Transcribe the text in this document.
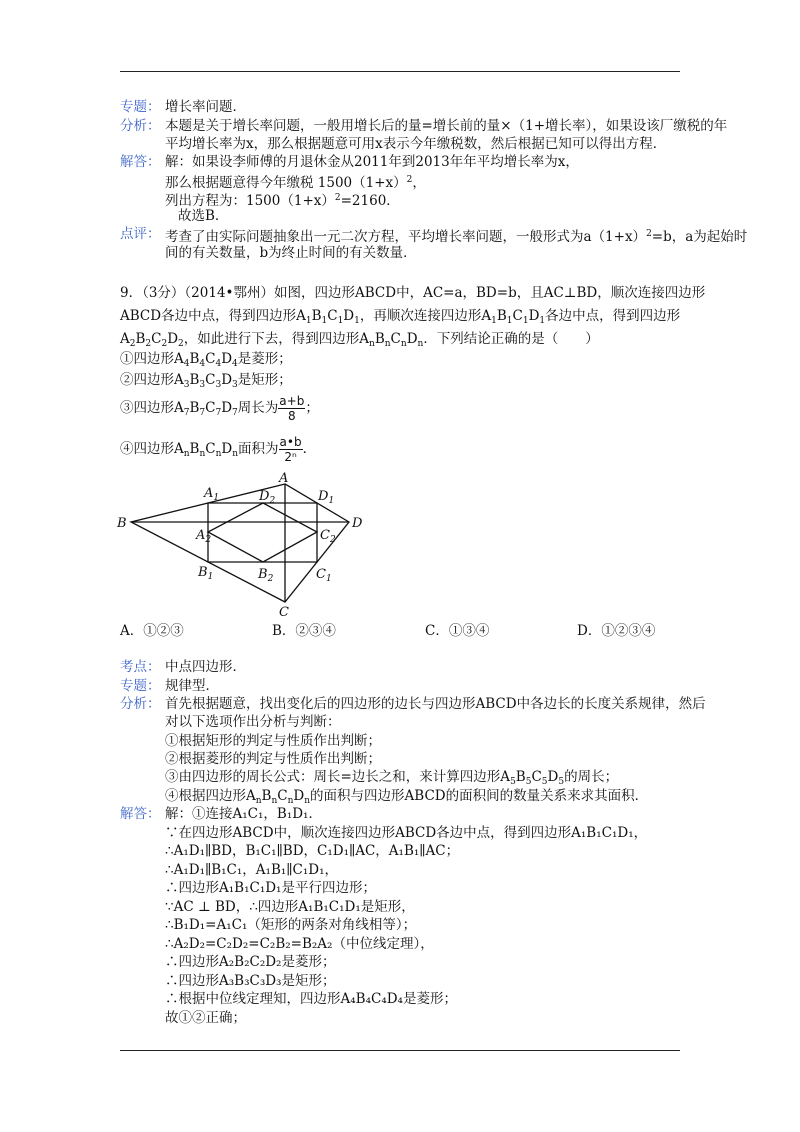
专题： 增长率问题．
分析： 本题是关于增长率问题，一般用增长后的量=增长前的量×（1+增长率），如果设该厂缴税的年
平均增长率为x，那么根据题意可用x表示今年缴税数，然后根据已知可以得出方程．
解答： 解：如果设李师傅的月退休金从2011年到2013年年平均增长率为x，
那么根据题意得今年缴税 $1500(1+x)^2$，
列出方程为：$1500(1+x)^2=2160$．
故选B．
点评： 考查了由实际问题抽象出一元二次方程，平均增长率问题，一般形式为$a(1+x)^2=b$，a为起始时
间的有关数量，b为终止时间的有关数量．
9．（3分）（2014•鄂州）如图，四边形ABCD中，AC=a，BD=b，且AC⊥BD，顺次连接四边形
ABCD各边中点，得到四边形$A_1B_1C_1D_1$，再顺次连接四边形$A_1B_1C_1D_1$各边中点，得到四边形
$A_2B_2C_2D_2$，如此进行下去，得到四边形$A_nB_nC_nD_n$．下列结论正确的是（　　）
①四边形$A_4B_4C_4D_4$是菱形；
②四边形$A_3B_3C_3D_3$是矩形；
③四边形$A_7B_7C_7D_7$周长为 $\frac{a+b}{8}$ ；
④四边形$A_nB_nC_nD_n$面积为 $\frac{a•b}{\text{2ⁿ}}$ ．
A
B
C
D
$A_1$	$D_2$	$D_1$
$A_2$	$C_2$
$B_1$	$B_2$	$C_1$
A．①②③	B．②③④	C．①③④	D．①②③④
考点： 中点四边形．
专题： 规律型．
分析： 首先根据题意，找出变化后的四边形的边长与四边形ABCD中各边长的长度关系规律，然后
对以下选项作出分析与判断：
①根据矩形的判定与性质作出判断；
②根据菱形的判定与性质作出判断；
③由四边形的周长公式：周长=边长之和，来计算四边形$A_5B_5C_5D_5$的周长；
④根据四边形$A_nB_nC_nD_n$的面积与四边形ABCD的面积间的数量关系来求其面积．
解答： 解：①连接A₁C₁，B₁D₁．
∵在四边形ABCD中，顺次连接四边形ABCD各边中点，得到四边形A₁B₁C₁D₁，
∴A₁D₁∥BD，B₁C₁∥BD，C₁D₁∥AC，A₁B₁∥AC；
∴A₁D₁∥B₁C₁，A₁B₁∥C₁D₁，
∴四边形A₁B₁C₁D₁是平行四边形；
∵AC ⊥ BD，∴四边形A₁B₁C₁D₁是矩形，
∴B₁D₁=A₁C₁（矩形的两条对角线相等）；
∴A₂D₂=C₂D₂=C₂B₂=B₂A₂（中位线定理），
∴四边形A₂B₂C₂D₂是菱形；
∴四边形A₃B₃C₃D₃是矩形；
∴根据中位线定理知，四边形A₄B₄C₄D₄是菱形；
故①②正确；
